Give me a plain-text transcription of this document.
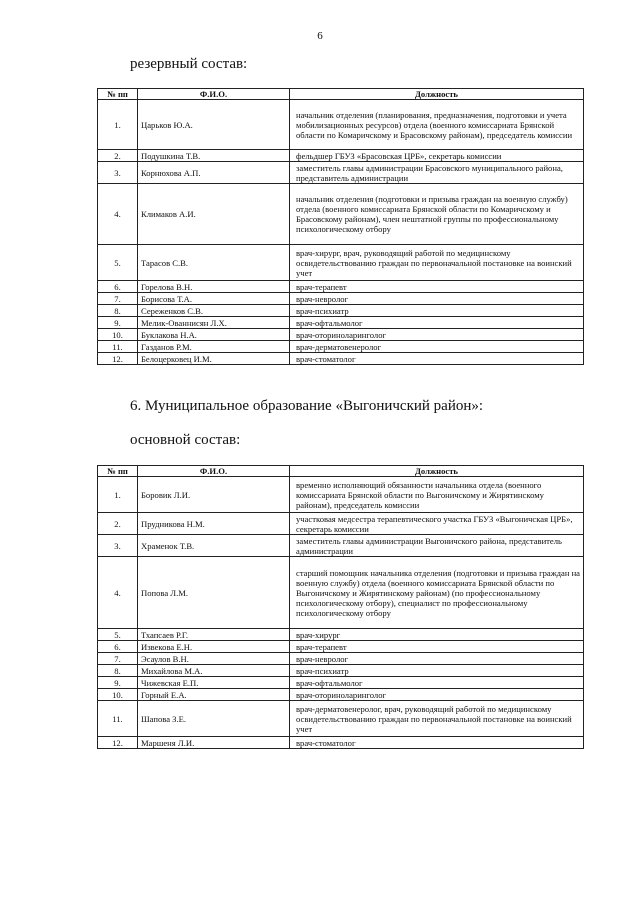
6
резервный состав:
№ пп	Ф.И.О.	Должность
1.	Царьков Ю.А.	начальник отделения (планирования, предназначения, подготовки и учета мобилизационных ресурсов) отдела (военного комиссариата Брянской области по Комаричскому и Брасовскому районам), председатель комиссии
2.	Подушкина Т.В.	фельдшер ГБУЗ «Брасовская ЦРБ», секретарь комиссии
3.	Корнюхова А.П.	заместитель главы администрации Брасовского муниципального района, представитель администрации
4.	Климаков А.И.	начальник отделения (подготовки и призыва граждан на военную службу) отдела (военного комиссариата Брянской области по Комаричскому и Брасовскому районам), член нештатной группы по профессиональному психологическому отбору
5.	Тарасов С.В.	врач-хирург, врач, руководящий работой по медицинскому освидетельствованию граждан по первоначальной постановке на воинский учет
6.	Горелова В.Н.	врач-терапевт
7.	Борисова Т.А.	врач-невролог
8.	Сереженков С.В.	врач-психиатр
9.	Мелик-Ованнисян Л.Х.	врач-офтальмолог
10.	Буклакова Н.А.	врач-оториноларинголог
11.	Газданов Р.М.	врач-дерматовенеролог
12.	Белоцерковец И.М.	врач-стоматолог
6. Муниципальное образование «Выгоничский район»:
основной состав:
№ пп	Ф.И.О.	Должность
1.	Боровик Л.И.	временно исполняющий обязанности начальника отдела (военного комиссариата Брянской области по Выгоничскому и Жирятинскому районам), председатель комиссии
2.	Прудникова Н.М.	участковая медсестра терапевтического участка ГБУЗ «Выгоничская ЦРБ», секретарь комиссии
3.	Храменок Т.В.	заместитель главы администрации Выгоничского района, представитель администрации
4.	Попова Л.М.	старший помощник начальника отделения (подготовки и призыва граждан на военную службу) отдела (военного комиссариата Брянской области по Выгоничскому и Жирятинскому районам) (по профессиональному психологическому отбору), специалист по профессиональному психологическому отбору
5.	Тхапсаев Р.Г.	врач-хирург
6.	Извекова Е.Н.	врач-терапевт
7.	Эсаулов В.Н.	врач-невролог
8.	Михайлова М.А.	врач-психиатр
9.	Чижевская Е.П.	врач-офтальмолог
10.	Горный Е.А.	врач-оториноларинголог
11.	Шапова З.Е.	врач-дерматовенеролог, врач, руководящий работой по медицинскому освидетельствованию граждан по первоначальной постановке на воинский учет
12.	Маршеня Л.И.	врач-стоматолог
